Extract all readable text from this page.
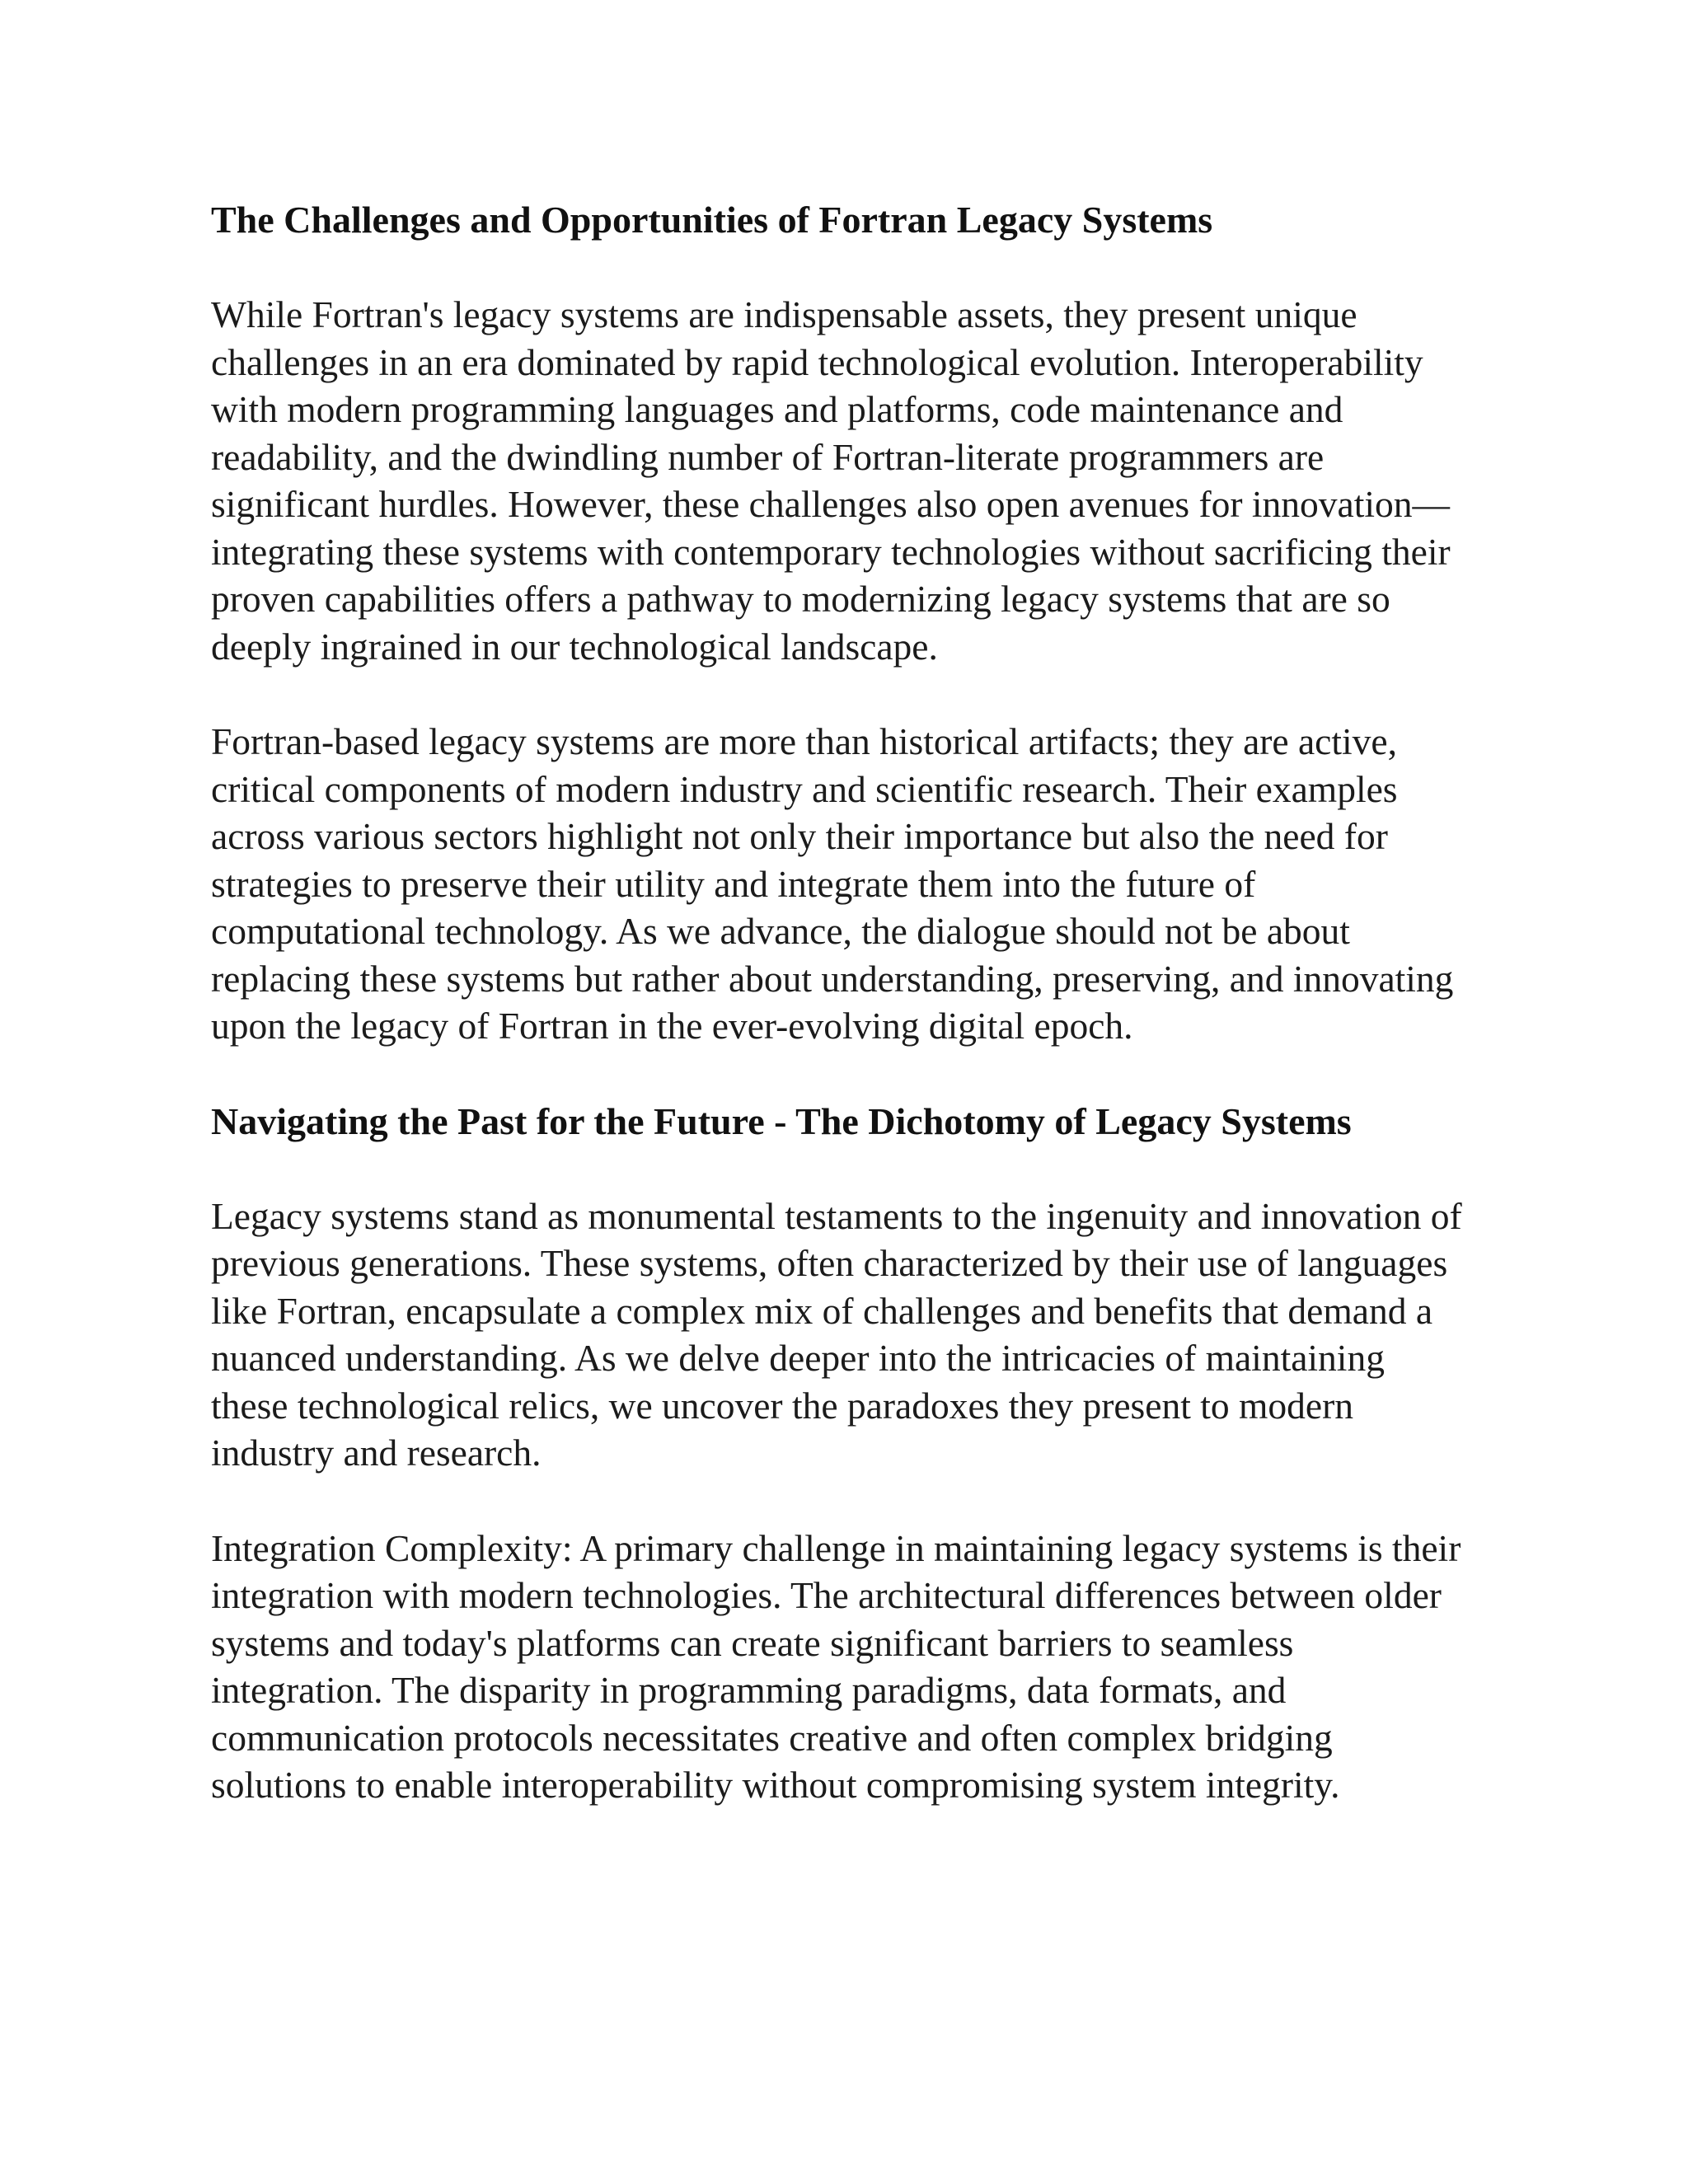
The Challenges and Opportunities of Fortran Legacy Systems

While Fortran's legacy systems are indispensable assets, they present unique challenges in an era dominated by rapid technological evolution. Interoperability with modern programming languages and platforms, code maintenance and readability, and the dwindling number of Fortran-literate programmers are significant hurdles. However, these challenges also open avenues for innovation—integrating these systems with contemporary technologies without sacrificing their proven capabilities offers a pathway to modernizing legacy systems that are so deeply ingrained in our technological landscape.

Fortran-based legacy systems are more than historical artifacts; they are active, critical components of modern industry and scientific research. Their examples across various sectors highlight not only their importance but also the need for strategies to preserve their utility and integrate them into the future of computational technology. As we advance, the dialogue should not be about replacing these systems but rather about understanding, preserving, and innovating upon the legacy of Fortran in the ever-evolving digital epoch.

Navigating the Past for the Future - The Dichotomy of Legacy Systems

Legacy systems stand as monumental testaments to the ingenuity and innovation of previous generations. These systems, often characterized by their use of languages like Fortran, encapsulate a complex mix of challenges and benefits that demand a nuanced understanding. As we delve deeper into the intricacies of maintaining these technological relics, we uncover the paradoxes they present to modern industry and research.

Integration Complexity: A primary challenge in maintaining legacy systems is their integration with modern technologies. The architectural differences between older systems and today's platforms can create significant barriers to seamless integration. The disparity in programming paradigms, data formats, and communication protocols necessitates creative and often complex bridging solutions to enable interoperability without compromising system integrity.
